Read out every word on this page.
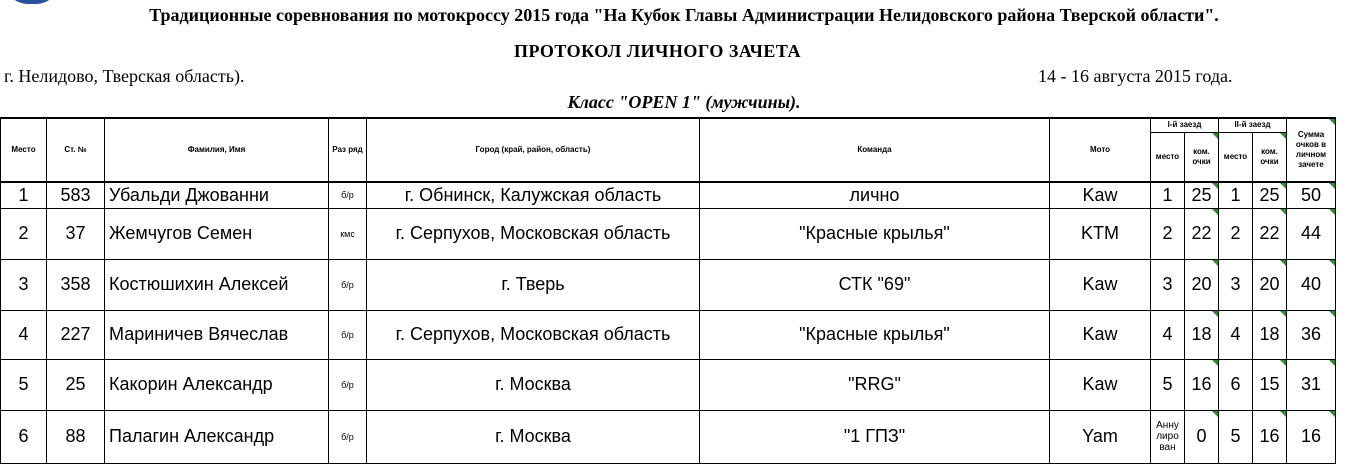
Традиционные соревнования по мотокроссу 2015 года "На Кубок Главы Администрации Нелидовского района Тверской области".
ПРОТОКОЛ ЛИЧНОГО ЗАЧЕТА
г. Нелидово, Тверская область).	14 - 16 августа 2015 года.
Класс "OPEN 1" (мужчины).
Место	Ст. №	Фамилия, Имя	Раз ряд	Город (край, район, область)	Команда	Мото	I-й заезд		II-й заезд		Сумма очков в личном зачете
							место	ком. очки	место	ком. очки	
1	583	Убальди Джованни	б/р	г. Обнинск, Калужская область	лично	Kaw	1	25	1	25	50
2	37	Жемчугов Семен	кмс	г. Серпухов, Московская область	"Красные крылья"	KTM	2	22	2	22	44
3	358	Костюшихин Алексей	б/р	г. Тверь	СТК "69"	Kaw	3	20	3	20	40
4	227	Мариничев Вячеслав	б/р	г. Серпухов, Московская область	"Красные крылья"	Kaw	4	18	4	18	36
5	25	Какорин Александр	б/р	г. Москва	"RRG"	Kaw	5	16	6	15	31
6	88	Палагин Александр	б/р	г. Москва	"1 ГПЗ"	Yam	Анну лиро ван	0	5	16	16
